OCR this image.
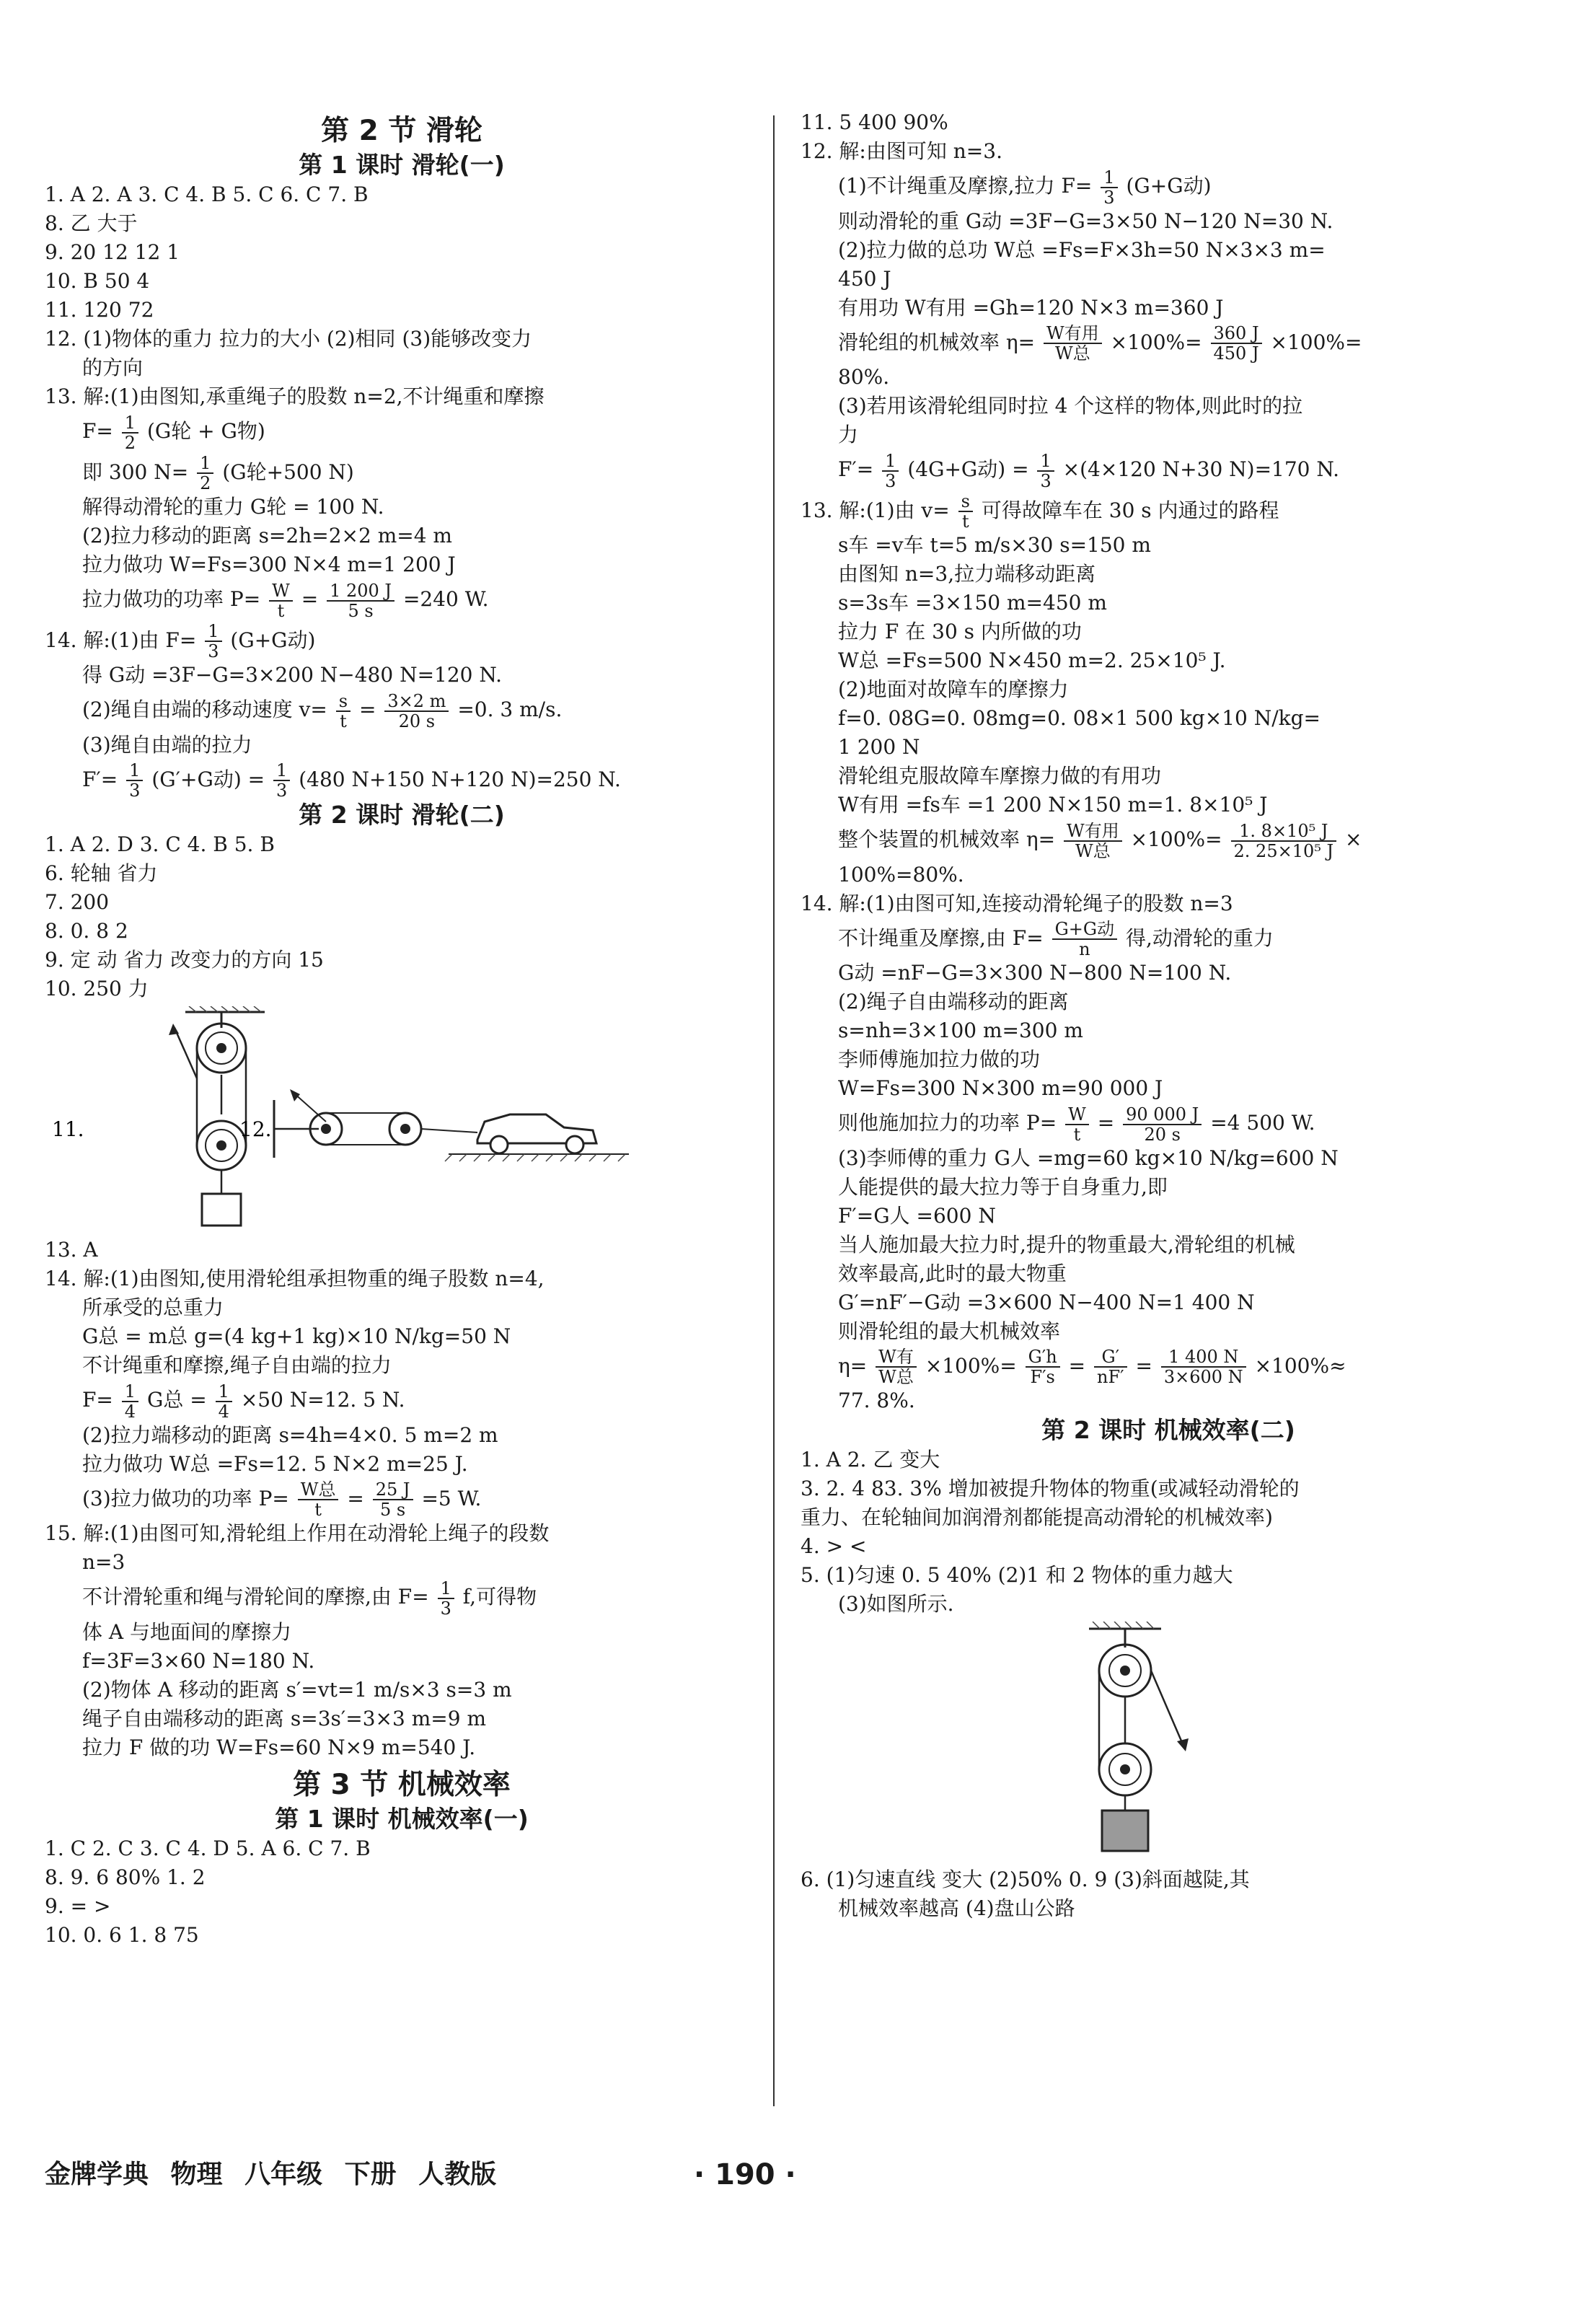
第 2 节 滑轮
第 1 课时 滑轮(一)
1. A 2. A 3. C 4. B 5. C 6. C 7. B
8. 乙 大于
9. 20 12 12 1
10. B 50 4
11. 120 72
12. (1)物体的重力 拉力的大小 (2)相同 (3)能够改变力
的方向
13. 解:(1)由图知,承重绳子的股数 n=2,不计绳重和摩擦
$F= \frac{1}{2} (G$轮 + G物)
即 300 $N= \frac{1}{2} (G$轮+500 N)
解得动滑轮的重力 G轮 = 100 N.
(2)拉力移动的距离 s=2h=2×2 m=4 m
拉力做功 W=Fs=300 N×4 m=1 200 J
拉力做功的功率 $P= \frac{W}{t} = \frac{1 200 J}{5 s} =240$ W.
14. 解:(1)由 $F= \frac{1}{3} (G+G$动)
得 G动 =3F−G=3×200 N−480 N=120 N.
(2)绳自由端的移动速度 $v= \frac{s}{t} = \frac{3\times 2 m}{20 s} =0$. 3 m/s.
(3)绳自由端的拉力
$F'= \frac{1}{3} (G'+G$动) = $\frac{1}{3} (480$ N+150 N+120 N)=250 N.
第 2 课时 滑轮(二)
1. A 2. D 3. C 4. B 5. B
6. 轮轴 省力
7. 200
8. 0. 8 2
9. 定 动 省力 改变力的方向 15
10. 250 力
11.	12.
13. A
14. 解:(1)由图知,使用滑轮组承担物重的绳子股数 n=4,
所承受的总重力
G总 = m总 g=(4 kg+1 kg)×10 N/kg=50 N
不计绳重和摩擦,绳子自由端的拉力
$F= \frac{1}{4}$ G总 = $\frac{1}{4} \times 50$ N=12. 5 N.
(2)拉力端移动的距离 s=4h=4×0. 5 m=2 m
拉力做功 W总 =Fs=12. 5 N×2 m=25 J.
(3)拉力做功的功率 $P= \frac{\text{W总}}{t} = \frac{25 J}{5 s} =5$ W.
15. 解:(1)由图可知,滑轮组上作用在动滑轮上绳子的段数
n=3
不计滑轮重和绳与滑轮间的摩擦,由 $F= \frac{1}{3} f$,可得物
体 A 与地面间的摩擦力
f=3F=3×60 N=180 N.
(2)物体 A 移动的距离 s′=vt=1 m/s×3 s=3 m
绳子自由端移动的距离 s=3s′=3×3 m=9 m
拉力 F 做的功 W=Fs=60 N×9 m=540 J.
第 3 节 机械效率
第 1 课时 机械效率(一)
1. C 2. C 3. C 4. D 5. A 6. C 7. B
8. 9. 6 80% 1. 2
9. = >
10. 0. 6 1. 8 75
11. 5 400 90%
12. 解:由图可知 n=3.
(1)不计绳重及摩擦,拉力 $F= \frac{1}{3} (G+G$动)
则动滑轮的重 G动 =3F−G=3×50 N−120 N=30 N.
(2)拉力做的总功 W总 =Fs=F×3h=50 N×3×3 m=
450 J
有用功 W有用 =Gh=120 N×3 m=360 J
滑轮组的机械效率 $\eta= \frac{\text{W有用}}{\text{W总}} \times 100\%= \frac{360 J}{450 J} \times 100\%=$
80%.
(3)若用该滑轮组同时拉 4 个这样的物体,则此时的拉
力
$F'= \frac{1}{3} (4G+G$动) = $\frac{1}{3} \times(4\times 120$ N+30 N)=170 N.
13. 解:(1)由 $v= \frac{s}{t}$ 可得故障车在 30 s 内通过的路程
s车 =v车 t=5 m/s×30 s=150 m
由图知 n=3,拉力端移动距离
s=3s车 =3×150 m=450 m
拉力 F 在 30 s 内所做的功
W总 =Fs=500 N×450 m=2. 25×10⁵ J.
(2)地面对故障车的摩擦力
f=0. 08G=0. 08mg=0. 08×1 500 kg×10 N/kg=
1 200 N
滑轮组克服故障车摩擦力做的有用功
W有用 =fs车 =1 200 N×150 m=1. 8×10⁵ J
整个装置的机械效率 $\eta= \frac{\text{W有用}}{\text{W总}} \times 100\%= \frac{\text{1. 8×10⁵ J}}{\text{2. 25×10⁵ J}}$ ×
100%=80%.
14. 解:(1)由图可知,连接动滑轮绳子的股数 n=3
不计绳重及摩擦,由 $F= \frac{\text{G+G动}}{n}$ 得,动滑轮的重力
G动 =nF−G=3×300 N−800 N=100 N.
(2)绳子自由端移动的距离
s=nh=3×100 m=300 m
李师傅施加拉力做的功
W=Fs=300 N×300 m=90 000 J
则他施加拉力的功率 $P= \frac{W}{t} = \frac{90 000 J}{20 s} =4$ 500 W.
(3)李师傅的重力 G人 =mg=60 kg×10 N/kg=600 N
人能提供的最大拉力等于自身重力,即
F′=G人 =600 N
当人施加最大拉力时,提升的物重最大,滑轮组的机械
效率最高,此时的最大物重
G′=nF′−G动 =3×600 N−400 N=1 400 N
则滑轮组的最大机械效率
$\eta= \frac{\text{W有}}{\text{W总}} \times 100\%= \frac{G'h}{F's} = \frac{G'}{nF'} = \frac{1 400 N}{3\times 600 N} \times 100\%\approx$
77. 8%.
第 2 课时 机械效率(二)
1. A 2. 乙 变大
3. 2. 4 83. 3% 增加被提升物体的物重(或减轻动滑轮的
重力、在轮轴间加润滑剂都能提高动滑轮的机械效率)
4. > <
5. (1)匀速 0. 5 40% (2)1 和 2 物体的重力越大
(3)如图所示.
6. (1)匀速直线 变大 (2)50% 0. 9 (3)斜面越陡,其
机械效率越高 (4)盘山公路
金牌学典 物理 八年级 下册 人教版	· 190 ·
